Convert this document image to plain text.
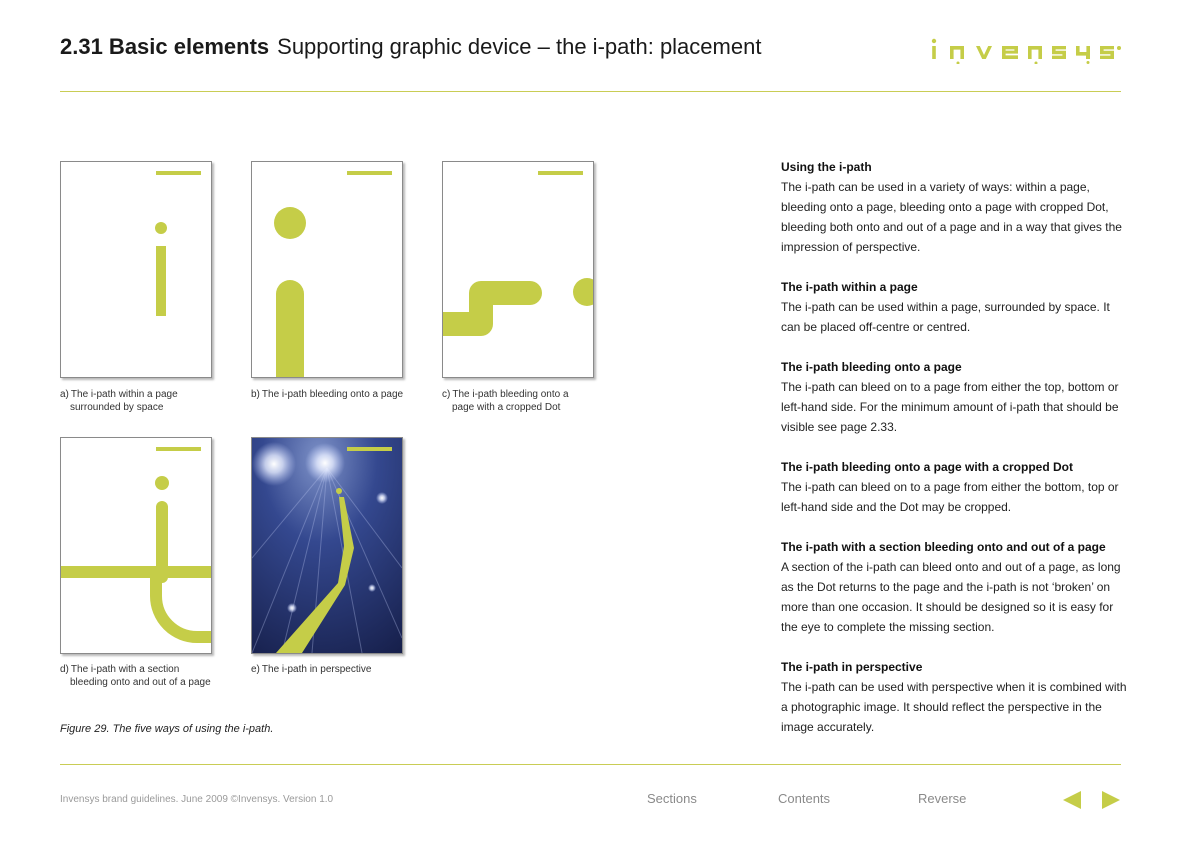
2.31 Basic elements Supporting graphic device – the i-path: placement
a) The i-path within a page
surrounded by space
b) The i-path bleeding onto a page	c) The i-path bleeding onto a
page with a cropped Dot
d) The i-path with a section
bleeding onto and out of a page
e) The i-path in perspective
Figure 29. The five ways of using the i-path.
Using the i-path
The i-path can be used in a variety of ways: within a page, bleeding onto a page, bleeding onto a page with cropped Dot, bleeding both onto and out of a page and in a way that gives the impression of perspective.
The i-path within a page
The i-path can be used within a page, surrounded by space. It can be placed off-centre or centred.
The i-path bleeding onto a page
The i-path can bleed on to a page from either the top, bottom or left-hand side. For the minimum amount of i-path that should be visible see page 2.33.
The i-path bleeding onto a page with a cropped Dot
The i-path can bleed on to a page from either the bottom, top or left-hand side and the Dot may be cropped.
The i-path with a section bleeding onto and out of a page
A section of the i-path can bleed onto and out of a page, as long as the Dot returns to the page and the i-path is not ‘broken’ on more than one occasion. It should be designed so it is easy for the eye to complete the missing section.
The i-path in perspective
The i-path can be used with perspective when it is combined with a photographic image. It should reflect the perspective in the image accurately.
Invensys brand guidelines. June 2009 ©Invensys. Version 1.0	Sections	Contents	Reverse
